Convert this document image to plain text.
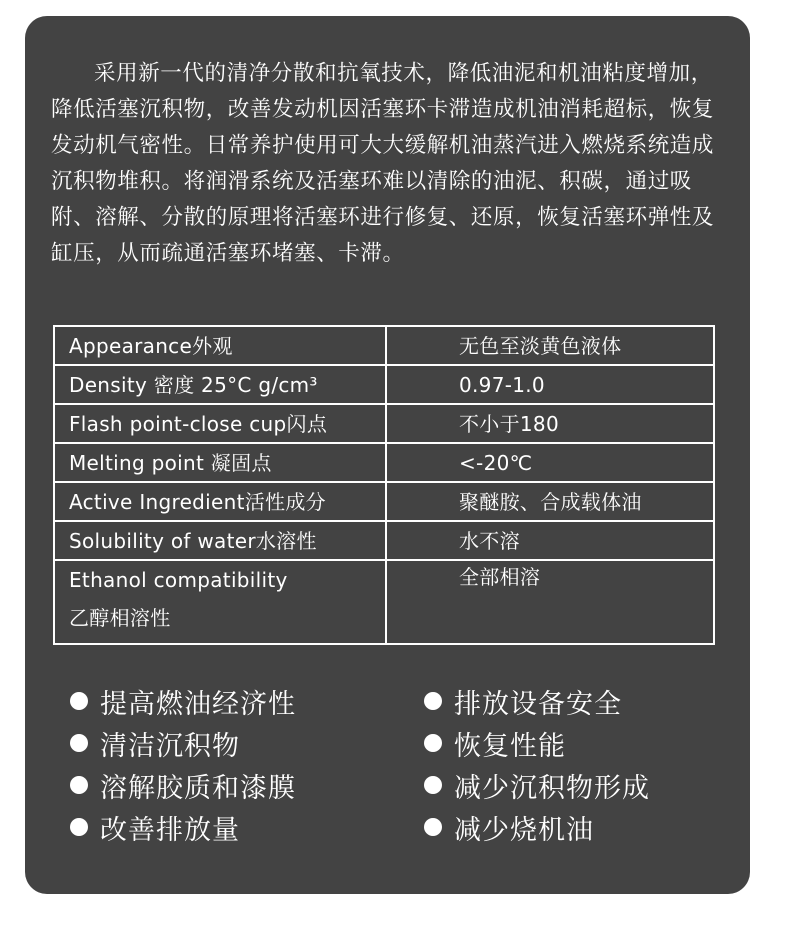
采用新一代的清净分散和抗氧技术，降低油泥和机油粘度增加，降低活塞沉积物，改善发动机因活塞环卡滞造成机油消耗超标，恢复发动机气密性。日常养护使用可大大缓解机油蒸汽进入燃烧系统造成沉积物堆积。将润滑系统及活塞环难以清除的油泥、积碳，通过吸附、溶解、分散的原理将活塞环进行修复、还原，恢复活塞环弹性及缸压，从而疏通活塞环堵塞、卡滞。

Appearance外观	无色至淡黄色液体
Density 密度 25°C g/cm³	0.97-1.0
Flash point-close cup闪点	不小于180
Melting point 凝固点	<-20℃
Active Ingredient活性成分	聚醚胺、合成载体油
Solubility of water水溶性	水不溶

Ethanol compatibility
乙醇相溶性	全部相溶
提高燃油经济性	排放设备安全
清洁沉积物	恢复性能
溶解胶质和漆膜	减少沉积物形成
改善排放量	减少烧机油
